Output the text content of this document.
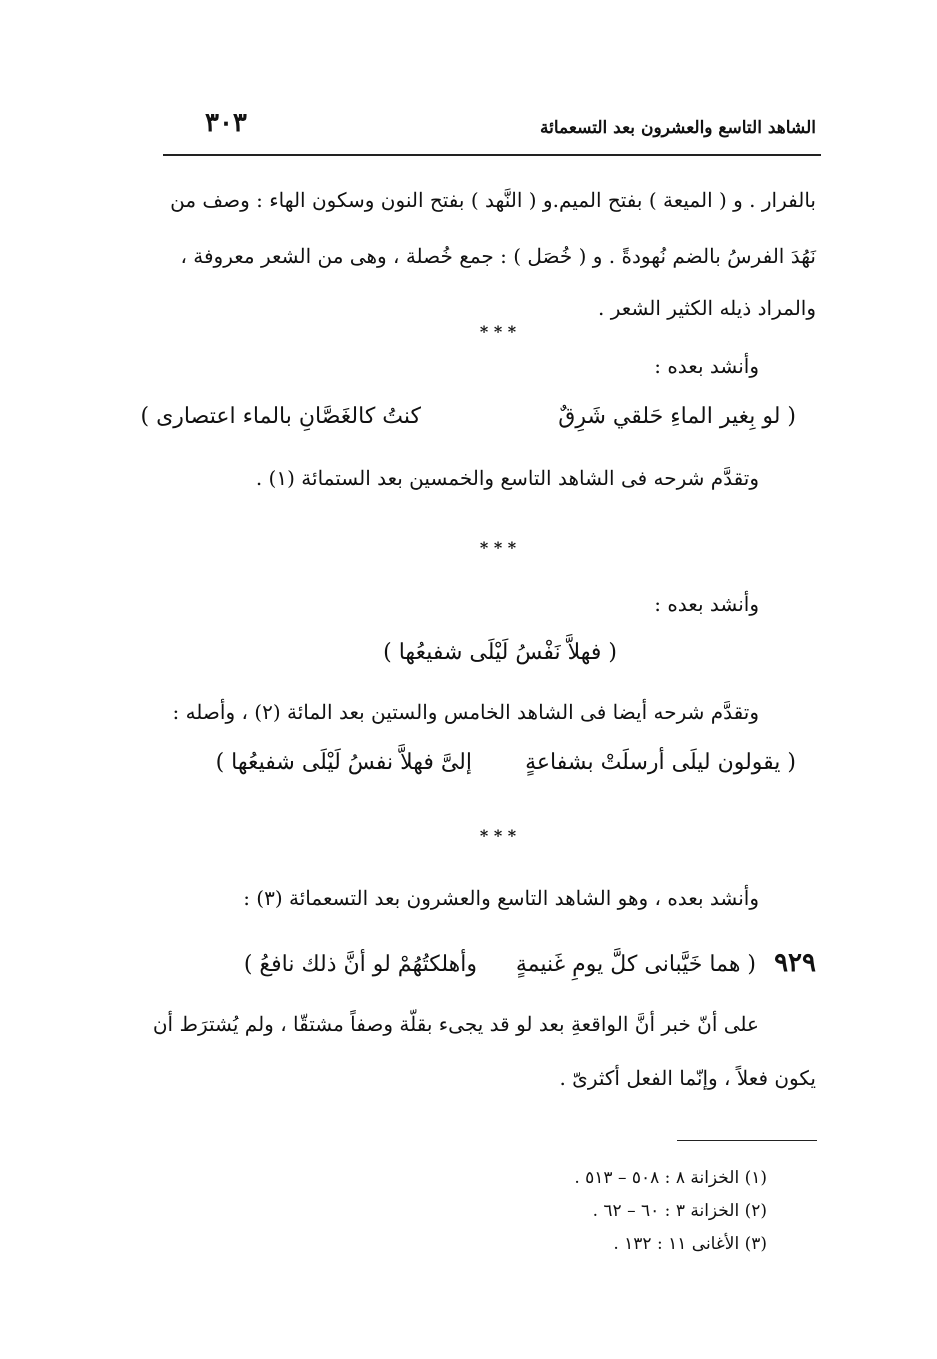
الشاهد التاسع والعشرون بعد التسعمائة
٣٠٣
بالفرار . و ( الميعة ) بفتح الميم.و ( النَّهد ) بفتح النون وسكون الهاء : وصف من
نَهُدَ الفرسُ بالضم نُهودةً . و ( خُصَل ) : جمع خُصلة ، وهى من الشعر معروفة ،
والمراد ذيله الكثير الشعر .
* * *
وأنشد بعده :
( لو بِغير الماءِ حَلقي شَرِقٌ
كنتُ كالغَصَّانِ بالماء اعتصارى )
وتقدَّم شرحه فى الشاهد التاسع والخمسين بعد الستمائة (١) .
* * *
وأنشد بعده :
( فهلاَّ نَفْسُ لَيْلَى شفيعُها )
وتقدَّم شرحه أيضا فى الشاهد الخامس والستين بعد المائة (٢) ، وأصله :
( يقولون ليلَى أرسلَتْ بشفاعةٍ
إلىَّ فهلاَّ نفسُ لَيْلَى شفيعُها )
* * *
وأنشد بعده ، وهو الشاهد التاسع والعشرون بعد التسعمائة (٣) :
٩٢٩
( هما خَيَّبانى كلَّ يومِ غَنيمةٍ
وأهلكتُهُمْ لو أنَّ ذلك نافعُ )
على أنّ خبر أنَّ الواقعةِ بعد لو قد يجىء بقلّة وصفاً مشتقّا ، ولم يُشترَط أن
يكون فعلاً ، وإنّما الفعل أكثرىّ .
(١) الخزانة ٨ : ٥٠٨ – ٥١٣ .
(٢) الخزانة ٣ : ٦٠ – ٦٢ .
(٣) الأغانى ١١ : ١٣٢ .
